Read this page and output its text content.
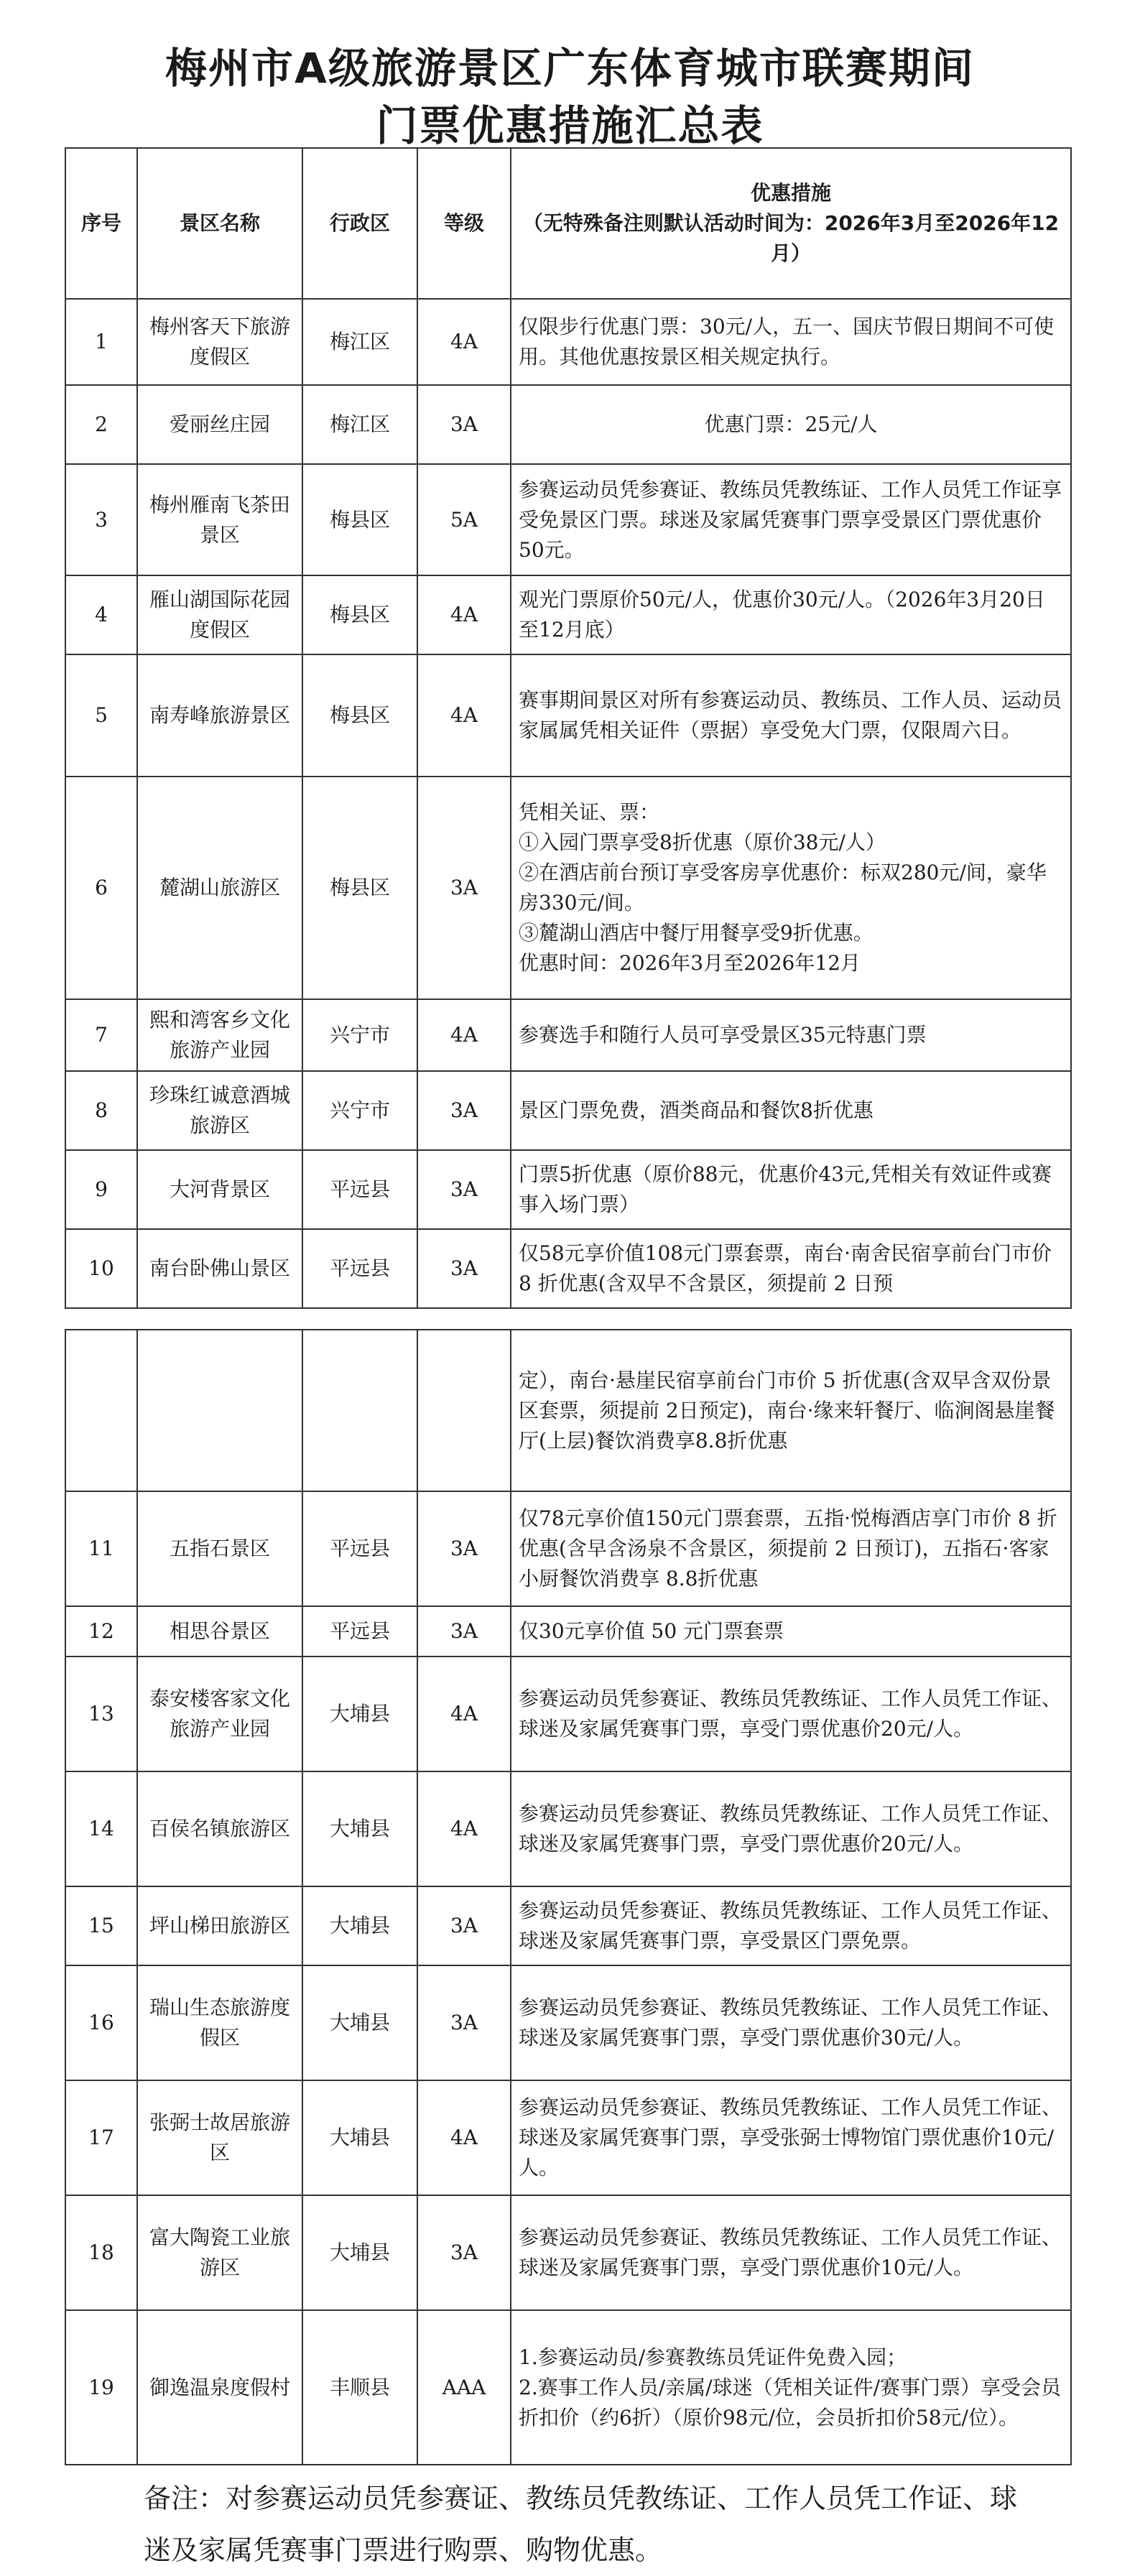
梅州市A级旅游景区广东体育城市联赛期间
门票优惠措施汇总表
序号	景区名称	行政区	等级	优惠措施
（无特殊备注则默认活动时间为：2026年3月至2026年12月）

1	梅州客天下旅游度假区	梅江区	4A	仅限步行优惠门票：30元/人，五一、国庆节假日期间不可使用。其他优惠按景区相关规定执行。

2	爱丽丝庄园	梅江区	3A	优惠门票：25元/人

3	梅州雁南飞茶田景区	梅县区	5A	参赛运动员凭参赛证、教练员凭教练证、工作人员凭工作证享受免景区门票。球迷及家属凭赛事门票享受景区门票优惠价50元。

4	雁山湖国际花园度假区	梅县区	4A	观光门票原价50元/人，优惠价30元/人。（2026年3月20日至12月底）

5	南寿峰旅游景区	梅县区	4A	赛事期间景区对所有参赛运动员、教练员、工作人员、运动员家属属凭相关证件（票据）享受免大门票，仅限周六日。

6	麓湖山旅游区	梅县区	3A	凭相关证、票：
①入园门票享受8折优惠（原价38元/人）
②在酒店前台预订享受客房享优惠价：标双280元/间，豪华房330元/间。
③麓湖山酒店中餐厅用餐享受9折优惠。
优惠时间：2026年3月至2026年12月

7	熙和湾客乡文化旅游产业园	兴宁市	4A	参赛选手和随行人员可享受景区35元特惠门票

8	珍珠红诚意酒城旅游区	兴宁市	3A	景区门票免费，酒类商品和餐饮8折优惠

9	大河背景区	平远县	3A	门票5折优惠（原价88元，优惠价43元,凭相关有效证件或赛事入场门票）

10	南台卧佛山景区	平远县	3A	仅58元享价值108元门票套票，南台·南舍民宿享前台门市价 8 折优惠(含双早不含景区，须提前 2 日预

				定），南台·悬崖民宿享前台门市价 5 折优惠(含双早含双份景区套票，须提前 2日预定)，南台·缘来轩餐厅、临涧阁悬崖餐厅(上层)餐饮消费享8.8折优惠

11	五指石景区	平远县	3A	仅78元享价值150元门票套票，五指·悦梅酒店享门市价 8 折优惠(含早含汤泉不含景区，须提前 2 日预订)，五指石·客家小厨餐饮消费享 8.8折优惠

12	相思谷景区	平远县	3A	仅30元享价值 50 元门票套票

13	泰安楼客家文化旅游产业园	大埔县	4A	参赛运动员凭参赛证、教练员凭教练证、工作人员凭工作证、球迷及家属凭赛事门票，享受门票优惠价20元/人。

14	百侯名镇旅游区	大埔县	4A	参赛运动员凭参赛证、教练员凭教练证、工作人员凭工作证、球迷及家属凭赛事门票，享受门票优惠价20元/人。

15	坪山梯田旅游区	大埔县	3A	参赛运动员凭参赛证、教练员凭教练证、工作人员凭工作证、球迷及家属凭赛事门票，享受景区门票免票。

16	瑞山生态旅游度假区	大埔县	3A	参赛运动员凭参赛证、教练员凭教练证、工作人员凭工作证、球迷及家属凭赛事门票，享受门票优惠价30元/人。

17	张弼士故居旅游区	大埔县	4A	参赛运动员凭参赛证、教练员凭教练证、工作人员凭工作证、球迷及家属凭赛事门票，享受张弼士博物馆门票优惠价10元/人。

18	富大陶瓷工业旅游区	大埔县	3A	参赛运动员凭参赛证、教练员凭教练证、工作人员凭工作证、球迷及家属凭赛事门票，享受门票优惠价10元/人。

19	御逸温泉度假村	丰顺县	AAA	1.参赛运动员/参赛教练员凭证件免费入园；
2.赛事工作人员/亲属/球迷（凭相关证件/赛事门票）享受会员折扣价（约6折）（原价98元/位，会员折扣价58元/位）。
备注：对参赛运动员凭参赛证、教练员凭教练证、工作人员凭工作证、球迷及家属凭赛事门票进行购票、购物优惠。
